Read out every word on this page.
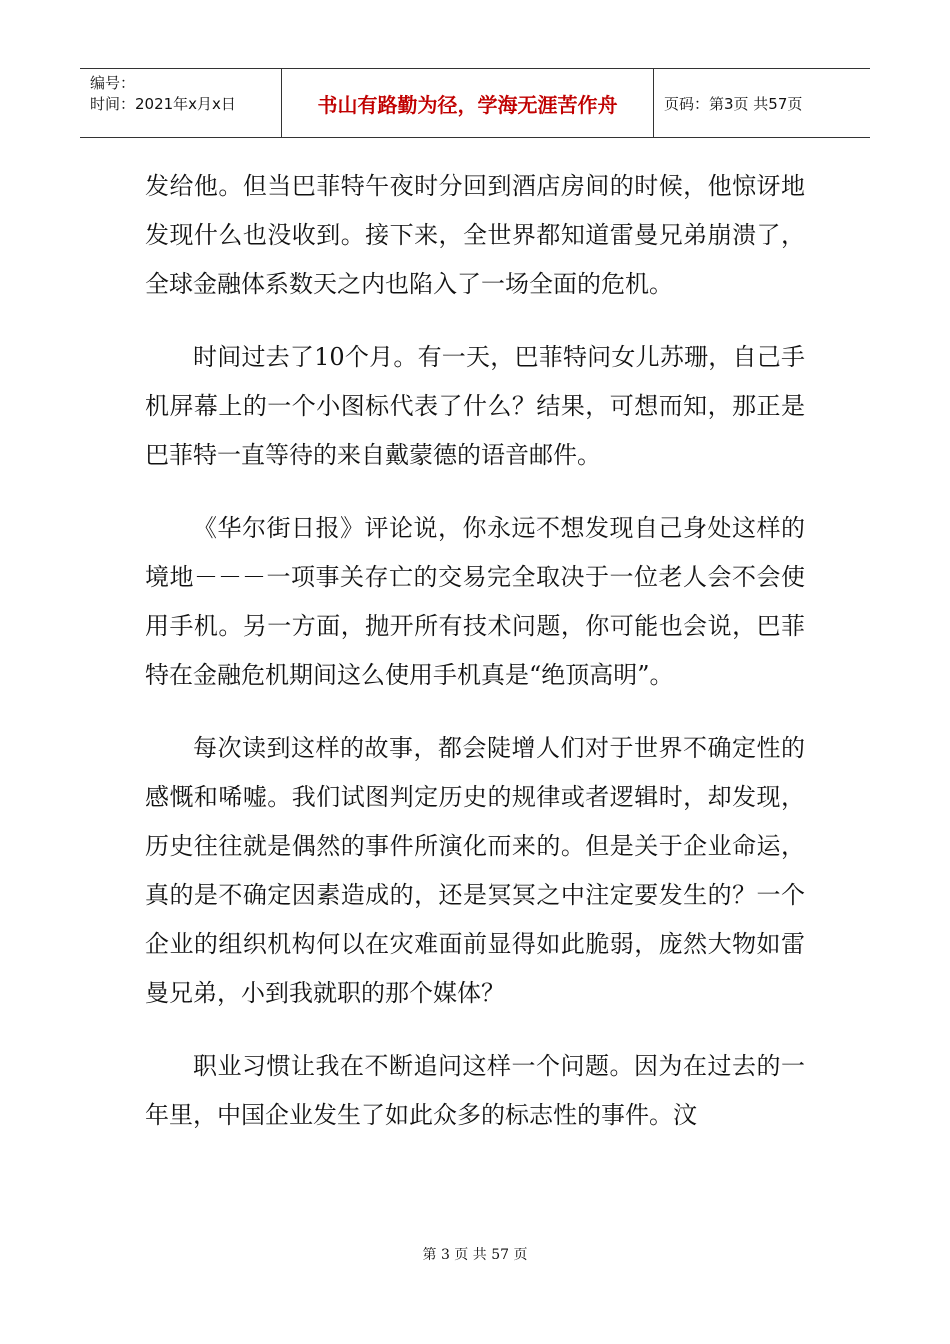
编号：
时间：2021年x月x日	书山有路勤为径，学海无涯苦作舟	页码：第3页 共57页

发给他。但当巴菲特午夜时分回到酒店房间的时候，他惊讶地发现什么也没收到。接下来，全世界都知道雷曼兄弟崩溃了，全球金融体系数天之内也陷入了一场全面的危机。

时间过去了10个月。有一天，巴菲特问女儿苏珊，自己手机屏幕上的一个小图标代表了什么？结果，可想而知，那正是巴菲特一直等待的来自戴蒙德的语音邮件。

《华尔街日报》评论说，你永远不想发现自己身处这样的境地－－－一项事关存亡的交易完全取决于一位老人会不会使用手机。另一方面，抛开所有技术问题，你可能也会说，巴菲特在金融危机期间这么使用手机真是“绝顶高明”。

每次读到这样的故事，都会陡增人们对于世界不确定性的感慨和唏嘘。我们试图判定历史的规律或者逻辑时，却发现，历史往往就是偶然的事件所演化而来的。但是关于企业命运，真的是不确定因素造成的，还是冥冥之中注定要发生的？一个企业的组织机构何以在灾难面前显得如此脆弱，庞然大物如雷曼兄弟，小到我就职的那个媒体？

职业习惯让我在不断追问这样一个问题。因为在过去的一年里，中国企业发生了如此众多的标志性的事件。汶

第 3 页 共 57 页
